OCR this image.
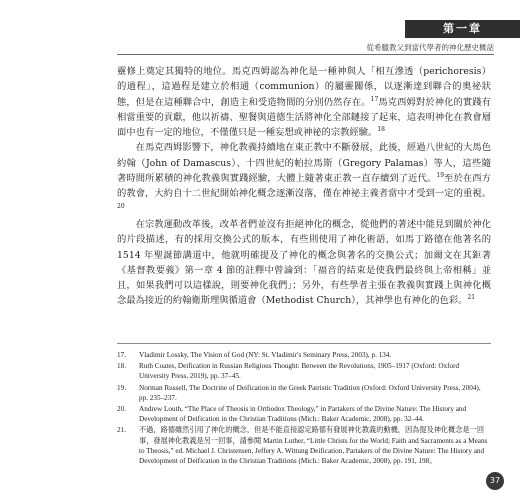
第一章
從希臘教父到當代學者的神化歷史概話

靈修上奠定其獨特的地位。馬克西姆認為神化是一種神與人「相互滲透（perichoresis）的過程」，這過程是建立於相通（communion）的屬靈關係，以逐漸達到聯合的奧祕狀態，但是在這種聯合中，創造主和受造物間的分別仍然存在。$^{17}$馬克西姆對於神化的實踐有相當重要的貢獻，他以祈禱、聖餐與道德生活將神化全部鏈接了起來，這表明神化在教會層面中也有一定的地位，不僅僅只是一種妄想或神祕的宗教經驗。$^{18}$

在馬克西姆影響下，神化教義持續地在東正教中不斷發展，此後，經過八世紀的大馬色約翰（John of Damascus）、十四世紀的帕拉馬斯（Gregory Palamas）等人，這些隨著時間所累積的神化教義與實踐經驗，大體上隨著東正教一直存續到了近代。$^{19}$至於在西方的教會，大約自十二世紀開始神化概念逐漸沒落，僅在神祕主義者當中才受到一定的重視。$^{20}$

在宗教運動改革後，改革者們並沒有拒絕神化的概念，從他們的著述中能見到關於神化的片段描述，有的採用交換公式的版本，有些則使用了神化術語，如馬丁路德在他著名的 1514 年聖誕節講道中，他就明確提及了神化的概念與著名的交換公式；加爾文在其鉅著《基督教要義》第一章 4 節的註釋中曾論到：「福音的結束是使我們最終與上帝相稱」並且，如果我們可以這樣說，則要神化我們」；另外，有些學者主張在教義與實踐上與神化概念最為接近的約翰衛斯理與循道會（Methodist Church），其神學也有神化的色彩。$^{21}$

17. Vladimir Lossky, The Vision of God (NY: St. Vladimir's Seminary Press, 2003), p. 134.
18. Ruth Coates, Deification in Russian Religious Thought: Between the Revolutions, 1905–1917 (Oxford: Oxford University Press, 2019), pp. 37–45.
19. Norman Russell, The Doctrine of Deification in the Greek Patristic Tradition (Oxford: Oxford University Press, 2004), pp. 235–237.
20. Andrew Louth, “The Place of Theosis in Orthodox Theology,” in Partakers of the Divine Nature: The History and Development of Deification in the Christian Traditions (Mich.: Baker Academic, 2008), pp. 32–44.
21. 不過，路德雖然引用了神化的概念，但是不能直接認定路德有發展神化教義的動機，因為提及神化概念是一回事，發展神化教義是另一回事，請參閱 Martin Luther, “Little Christs for the World; Faith and Sacraments as a Means to Theosis,” ed. Michael J. Christensen, Jeffery A. Wittung Deification, Partakers of the Divine Nature: The History and Development of Deification in the Christian Traditions (Mich.: Baker Academic, 2008), pp. 191, 198。
37
